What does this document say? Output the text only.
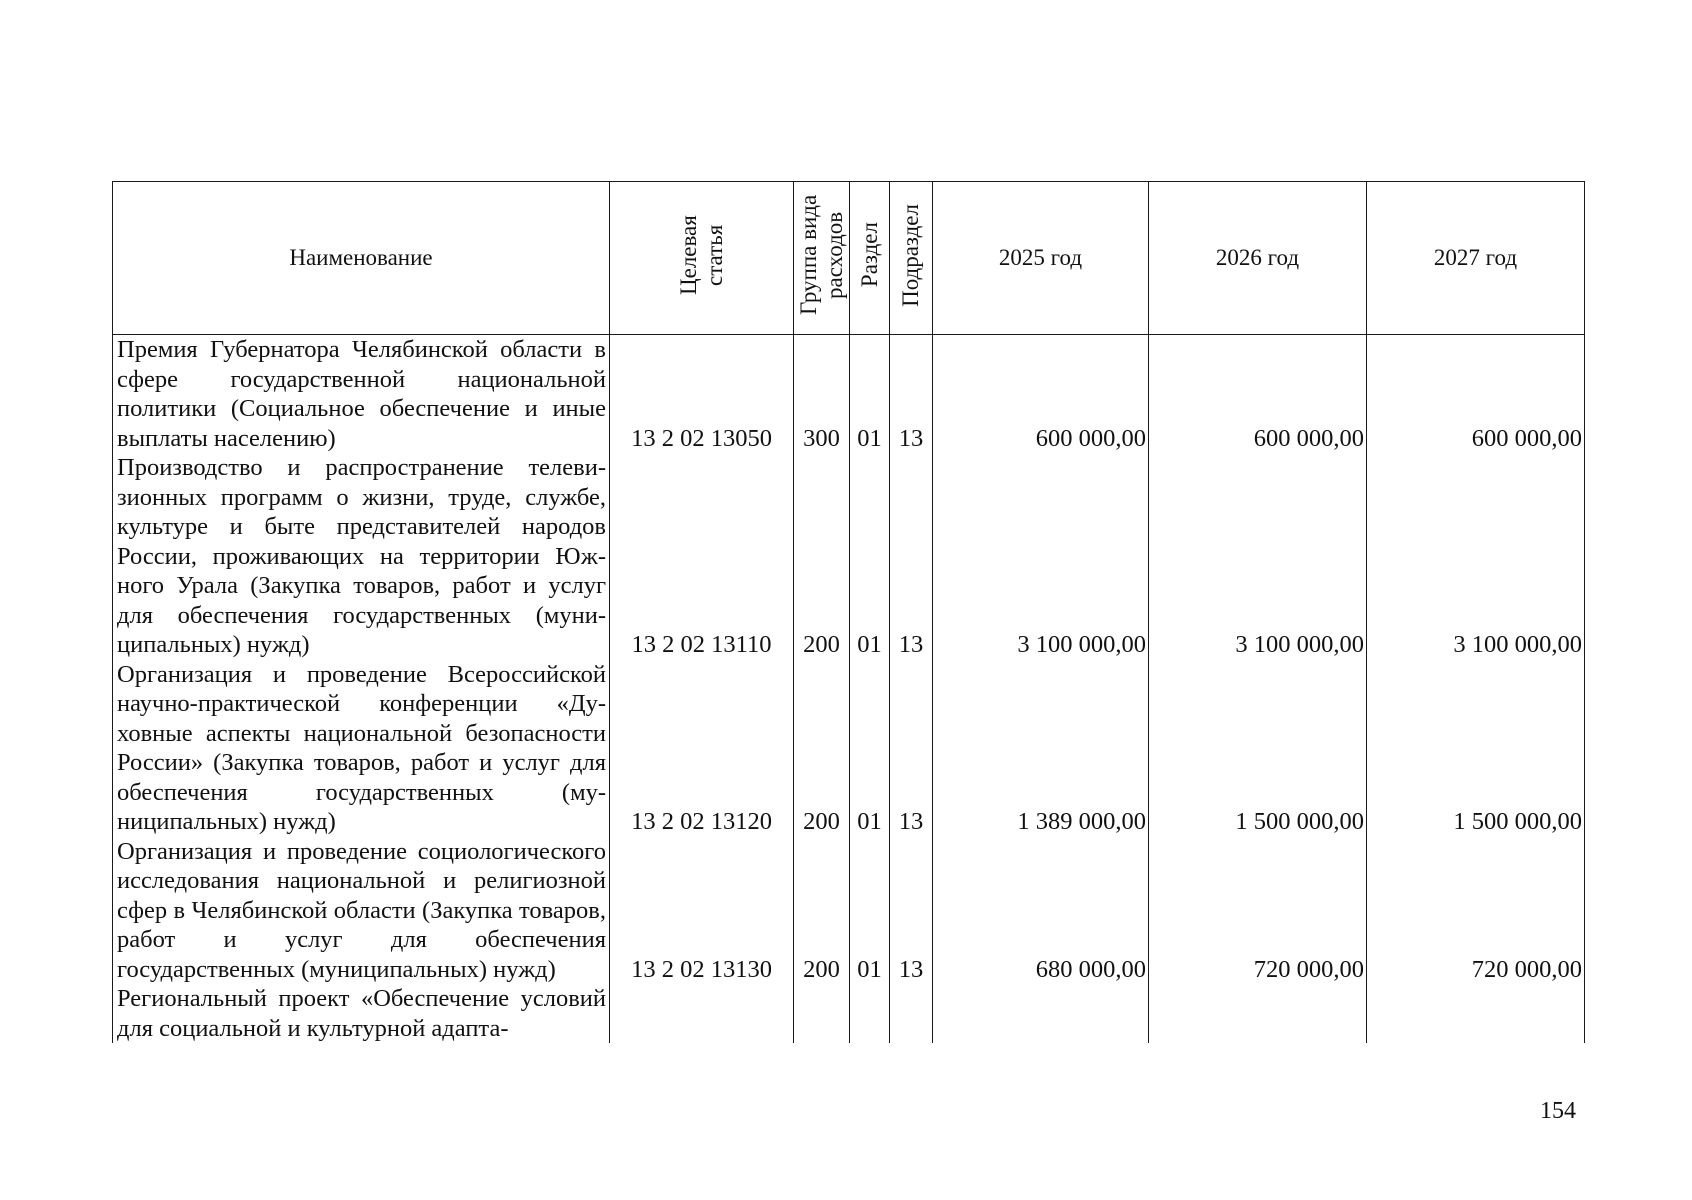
Наименование	Целевая статья	Группа вида расходов	Раздел	Подраздел	2025 год	2026 год	2027 год
Премия Губернатора Челябинской области в сфере государственной национальной политики (Социальное обеспечение и иные выплаты населению)	13 2 02 13050	300	01	13	600 000,00	600 000,00	600 000,00
Производство и распространение телевизионных программ о жизни, труде, службе, культуре и быте представителей народов России, проживающих на территории Южного Урала (Закупка товаров, работ и услуг для обеспечения государственных (муниципальных) нужд)	13 2 02 13110	200	01	13	3 100 000,00	3 100 000,00	3 100 000,00
Организация и проведение Всероссийской научно-практической конференции «Духовные аспекты национальной безопасности России» (Закупка товаров, работ и услуг для обеспечения государственных (муниципальных) нужд)	13 2 02 13120	200	01	13	1 389 000,00	1 500 000,00	1 500 000,00
Организация и проведение социологического исследования национальной и религиозной сфер в Челябинской области (Закупка товаров, работ и услуг для обеспечения государственных (муниципальных) нужд)	13 2 02 13130	200	01	13	680 000,00	720 000,00	720 000,00
Региональный проект «Обеспечение условий для социальной и культурной адапта-							
154
